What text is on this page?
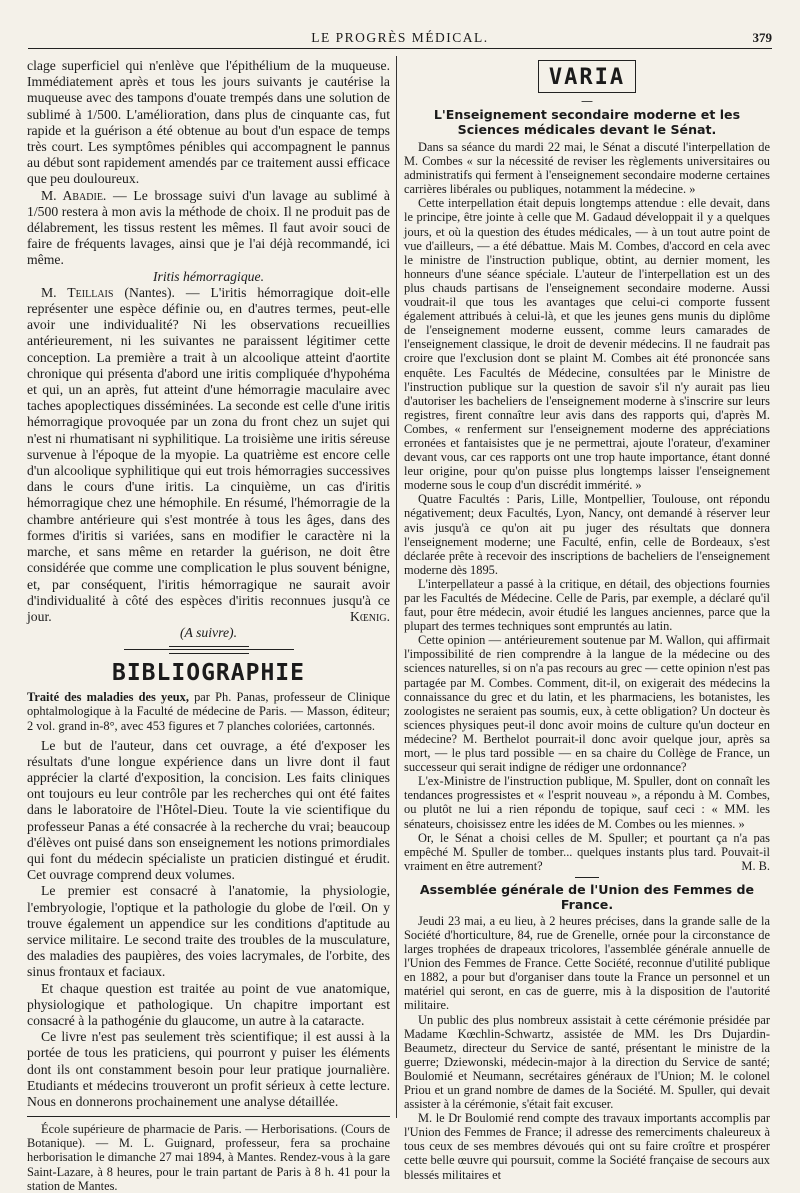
LE PROGRÈS MÉDICAL.	379

clage superficiel qui n'enlève que l'épithélium de la muqueuse. Immédiatement après et tous les jours suivants je cautérise la muqueuse avec des tampons d'ouate trempés dans une solution de sublimé à 1/500. L'amélioration, dans plus de cinquante cas, fut rapide et la guérison a été obtenue au bout d'un espace de temps très court. Les symptômes pénibles qui accompagnent le pannus au début sont rapidement amendés par ce traitement aussi efficace que peu douloureux.

M. Abadie. — Le brossage suivi d'un lavage au sublimé à 1/500 restera à mon avis la méthode de choix. Il ne produit pas de délabrement, les tissus restent les mêmes. Il faut avoir souci de faire de fréquents lavages, ainsi que je l'ai déjà recommandé, ici même.

Iritis hémorragique.

M. Teillais (Nantes). — L'iritis hémorragique doit-elle représenter une espèce définie ou, en d'autres termes, peut-elle avoir une individualité? Ni les observations recueillies antérieurement, ni les suivantes ne paraissent légitimer cette conception. La première a trait à un alcoolique atteint d'aortite chronique qui présenta d'abord une iritis compliquée d'hypohéma et qui, un an après, fut atteint d'une hémorragie maculaire avec taches apoplectiques disséminées. La seconde est celle d'une iritis hémorragique provoquée par un zona du front chez un sujet qui n'est ni rhumatisant ni syphilitique. La troisième une iritis séreuse survenue à l'époque de la myopie. La quatrième est encore celle d'un alcoolique syphilitique qui eut trois hémorragies successives dans le cours d'une iritis. La cinquième, un cas d'iritis hémorragique chez une hémophile. En résumé, l'hémorragie de la chambre antérieure qui s'est montrée à tous les âges, dans des formes d'iritis si variées, sans en modifier le caractère ni la marche, et sans même en retarder la guérison, ne doit être considérée que comme une complication le plus souvent bénigne, et, par conséquent, l'iritis hémorragique ne saurait avoir d'individualité à côté des espèces d'iritis reconnues jusqu'à ce jour.	Kœnig.

(A suivre).

BIBLIOGRAPHIE

Traité des maladies des yeux, par Ph. Panas, professeur de Clinique ophtalmologique à la Faculté de médecine de Paris. — Masson, éditeur; 2 vol. grand in-8°, avec 453 figures et 7 planches coloriées, cartonnés.

Le but de l'auteur, dans cet ouvrage, a été d'exposer les résultats d'une longue expérience dans un livre dont il faut apprécier la clarté d'exposition, la concision. Les faits cliniques ont toujours eu leur contrôle par les recherches qui ont été faites dans le laboratoire de l'Hôtel-Dieu. Toute la vie scientifique du professeur Panas a été consacrée à la recherche du vrai; beaucoup d'élèves ont puisé dans son enseignement les notions primordiales qui font du médecin spécialiste un praticien distingué et érudit. Cet ouvrage comprend deux volumes.

Le premier est consacré à l'anatomie, la physiologie, l'embryologie, l'optique et la pathologie du globe de l'œil. On y trouve également un appendice sur les conditions d'aptitude au service militaire. Le second traite des troubles de la musculature, des maladies des paupières, des voies lacrymales, de l'orbite, des sinus frontaux et faciaux.

Et chaque question est traitée au point de vue anatomique, physiologique et pathologique. Un chapitre important est consacré à la pathogénie du glaucome, un autre à la cataracte.

Ce livre n'est pas seulement très scientifique; il est aussi à la portée de tous les praticiens, qui pourront y puiser les éléments dont ils ont constamment besoin pour leur pratique journalière. Etudiants et médecins trouveront un profit sérieux à cette lecture. Nous en donnerons prochainement une analyse détaillée.

École supérieure de pharmacie de Paris. — Herborisations. (Cours de Botanique). — M. L. Guignard, professeur, fera sa prochaine herborisation le dimanche 27 mai 1894, à Mantes. Rendez-vous à la gare Saint-Lazare, à 8 heures, pour le train partant de Paris à 8 h. 41 pour la station de Mantes.

VARIA
—
L'Enseignement secondaire moderne et les Sciences médicales devant le Sénat.

Dans sa séance du mardi 22 mai, le Sénat a discuté l'interpellation de M. Combes « sur la nécessité de reviser les règlements universitaires ou administratifs qui ferment à l'enseignement secondaire moderne certaines carrières libérales ou publiques, notamment la médecine. »

Cette interpellation était depuis longtemps attendue : elle devait, dans le principe, être jointe à celle que M. Gadaud développait il y a quelques jours, et où la question des études médicales, — à un tout autre point de vue d'ailleurs, — a été débattue. Mais M. Combes, d'accord en cela avec le ministre de l'instruction publique, obtint, au dernier moment, les honneurs d'une séance spéciale. L'auteur de l'interpellation est un des plus chauds partisans de l'enseignement secondaire moderne. Aussi voudrait-il que tous les avantages que celui-ci comporte fussent également attribués à celui-là, et que les jeunes gens munis du diplôme de l'enseignement moderne eussent, comme leurs camarades de l'enseignement classique, le droit de devenir médecins. Il ne faudrait pas croire que l'exclusion dont se plaint M. Combes ait été prononcée sans enquête. Les Facultés de Médecine, consultées par le Ministre de l'instruction publique sur la question de savoir s'il n'y aurait pas lieu d'autoriser les bacheliers de l'enseignement moderne à s'inscrire sur leurs registres, firent connaître leur avis dans des rapports qui, d'après M. Combes, « renferment sur l'enseignement moderne des appréciations erronées et fantaisistes que je ne permettrai, ajoute l'orateur, d'examiner devant vous, car ces rapports ont une trop haute importance, étant donné leur origine, pour qu'on puisse plus longtemps laisser l'enseignement moderne sous le coup d'un discrédit immérité. »

Quatre Facultés : Paris, Lille, Montpellier, Toulouse, ont répondu négativement; deux Facultés, Lyon, Nancy, ont demandé à réserver leur avis jusqu'à ce qu'on ait pu juger des résultats que donnera l'enseignement moderne; une Faculté, enfin, celle de Bordeaux, s'est déclarée prête à recevoir des inscriptions de bacheliers de l'enseignement moderne dès 1895.

L'interpellateur a passé à la critique, en détail, des objections fournies par les Facultés de Médecine. Celle de Paris, par exemple, a déclaré qu'il faut, pour être médecin, avoir étudié les langues anciennes, parce que la plupart des termes techniques sont empruntés au latin.

Cette opinion — antérieurement soutenue par M. Wallon, qui affirmait l'impossibilité de rien comprendre à la langue de la médecine ou des sciences naturelles, si on n'a pas recours au grec — cette opinion n'est pas partagée par M. Combes. Comment, dit-il, on exigerait des médecins la connaissance du grec et du latin, et les pharmaciens, les botanistes, les zoologistes ne seraient pas soumis, eux, à cette obligation? Un docteur ès sciences physiques peut-il donc avoir moins de culture qu'un docteur en médecine? M. Berthelot pourrait-il donc avoir quelque jour, après sa mort, — le plus tard possible — en sa chaire du Collège de France, un successeur qui serait indigne de rédiger une ordonnance?

L'ex-Ministre de l'instruction publique, M. Spuller, dont on connaît les tendances progressistes et « l'esprit nouveau », a répondu à M. Combes, ou plutôt ne lui a rien répondu de topique, sauf ceci : « MM. les sénateurs, choisissez entre les idées de M. Combes ou les miennes. »

Or, le Sénat a choisi celles de M. Spuller; et pourtant ça n'a pas empêché M. Spuller de tomber... quelques instants plus tard. Pouvait-il vraiment en être autrement?	M. B.

Assemblée générale de l'Union des Femmes de France.

Jeudi 23 mai, a eu lieu, à 2 heures précises, dans la grande salle de la Société d'horticulture, 84, rue de Grenelle, ornée pour la circonstance de larges trophées de drapeaux tricolores, l'assemblée générale annuelle de l'Union des Femmes de France. Cette Société, reconnue d'utilité publique en 1882, a pour but d'organiser dans toute la France un personnel et un matériel qui seront, en cas de guerre, mis à la disposition de l'autorité militaire.

Un public des plus nombreux assistait à cette cérémonie présidée par Madame Kœchlin-Schwartz, assistée de MM. les Drs Dujardin-Beaumetz, directeur du Service de santé, présentant le ministre de la guerre; Dziewonski, médecin-major à la direction du Service de santé; Boulomié et Neumann, secrétaires généraux de l'Union; M. le colonel Priou et un grand nombre de dames de la Société. M. Spuller, qui devait assister à la cérémonie, s'était fait excuser.

M. le Dr Boulomié rend compte des travaux importants accomplis par l'Union des Femmes de France; il adresse des remerciments chaleureux à tous ceux de ses membres dévoués qui ont su faire croître et prospérer cette belle œuvre qui poursuit, comme la Société française de secours aux blessés militaires et
